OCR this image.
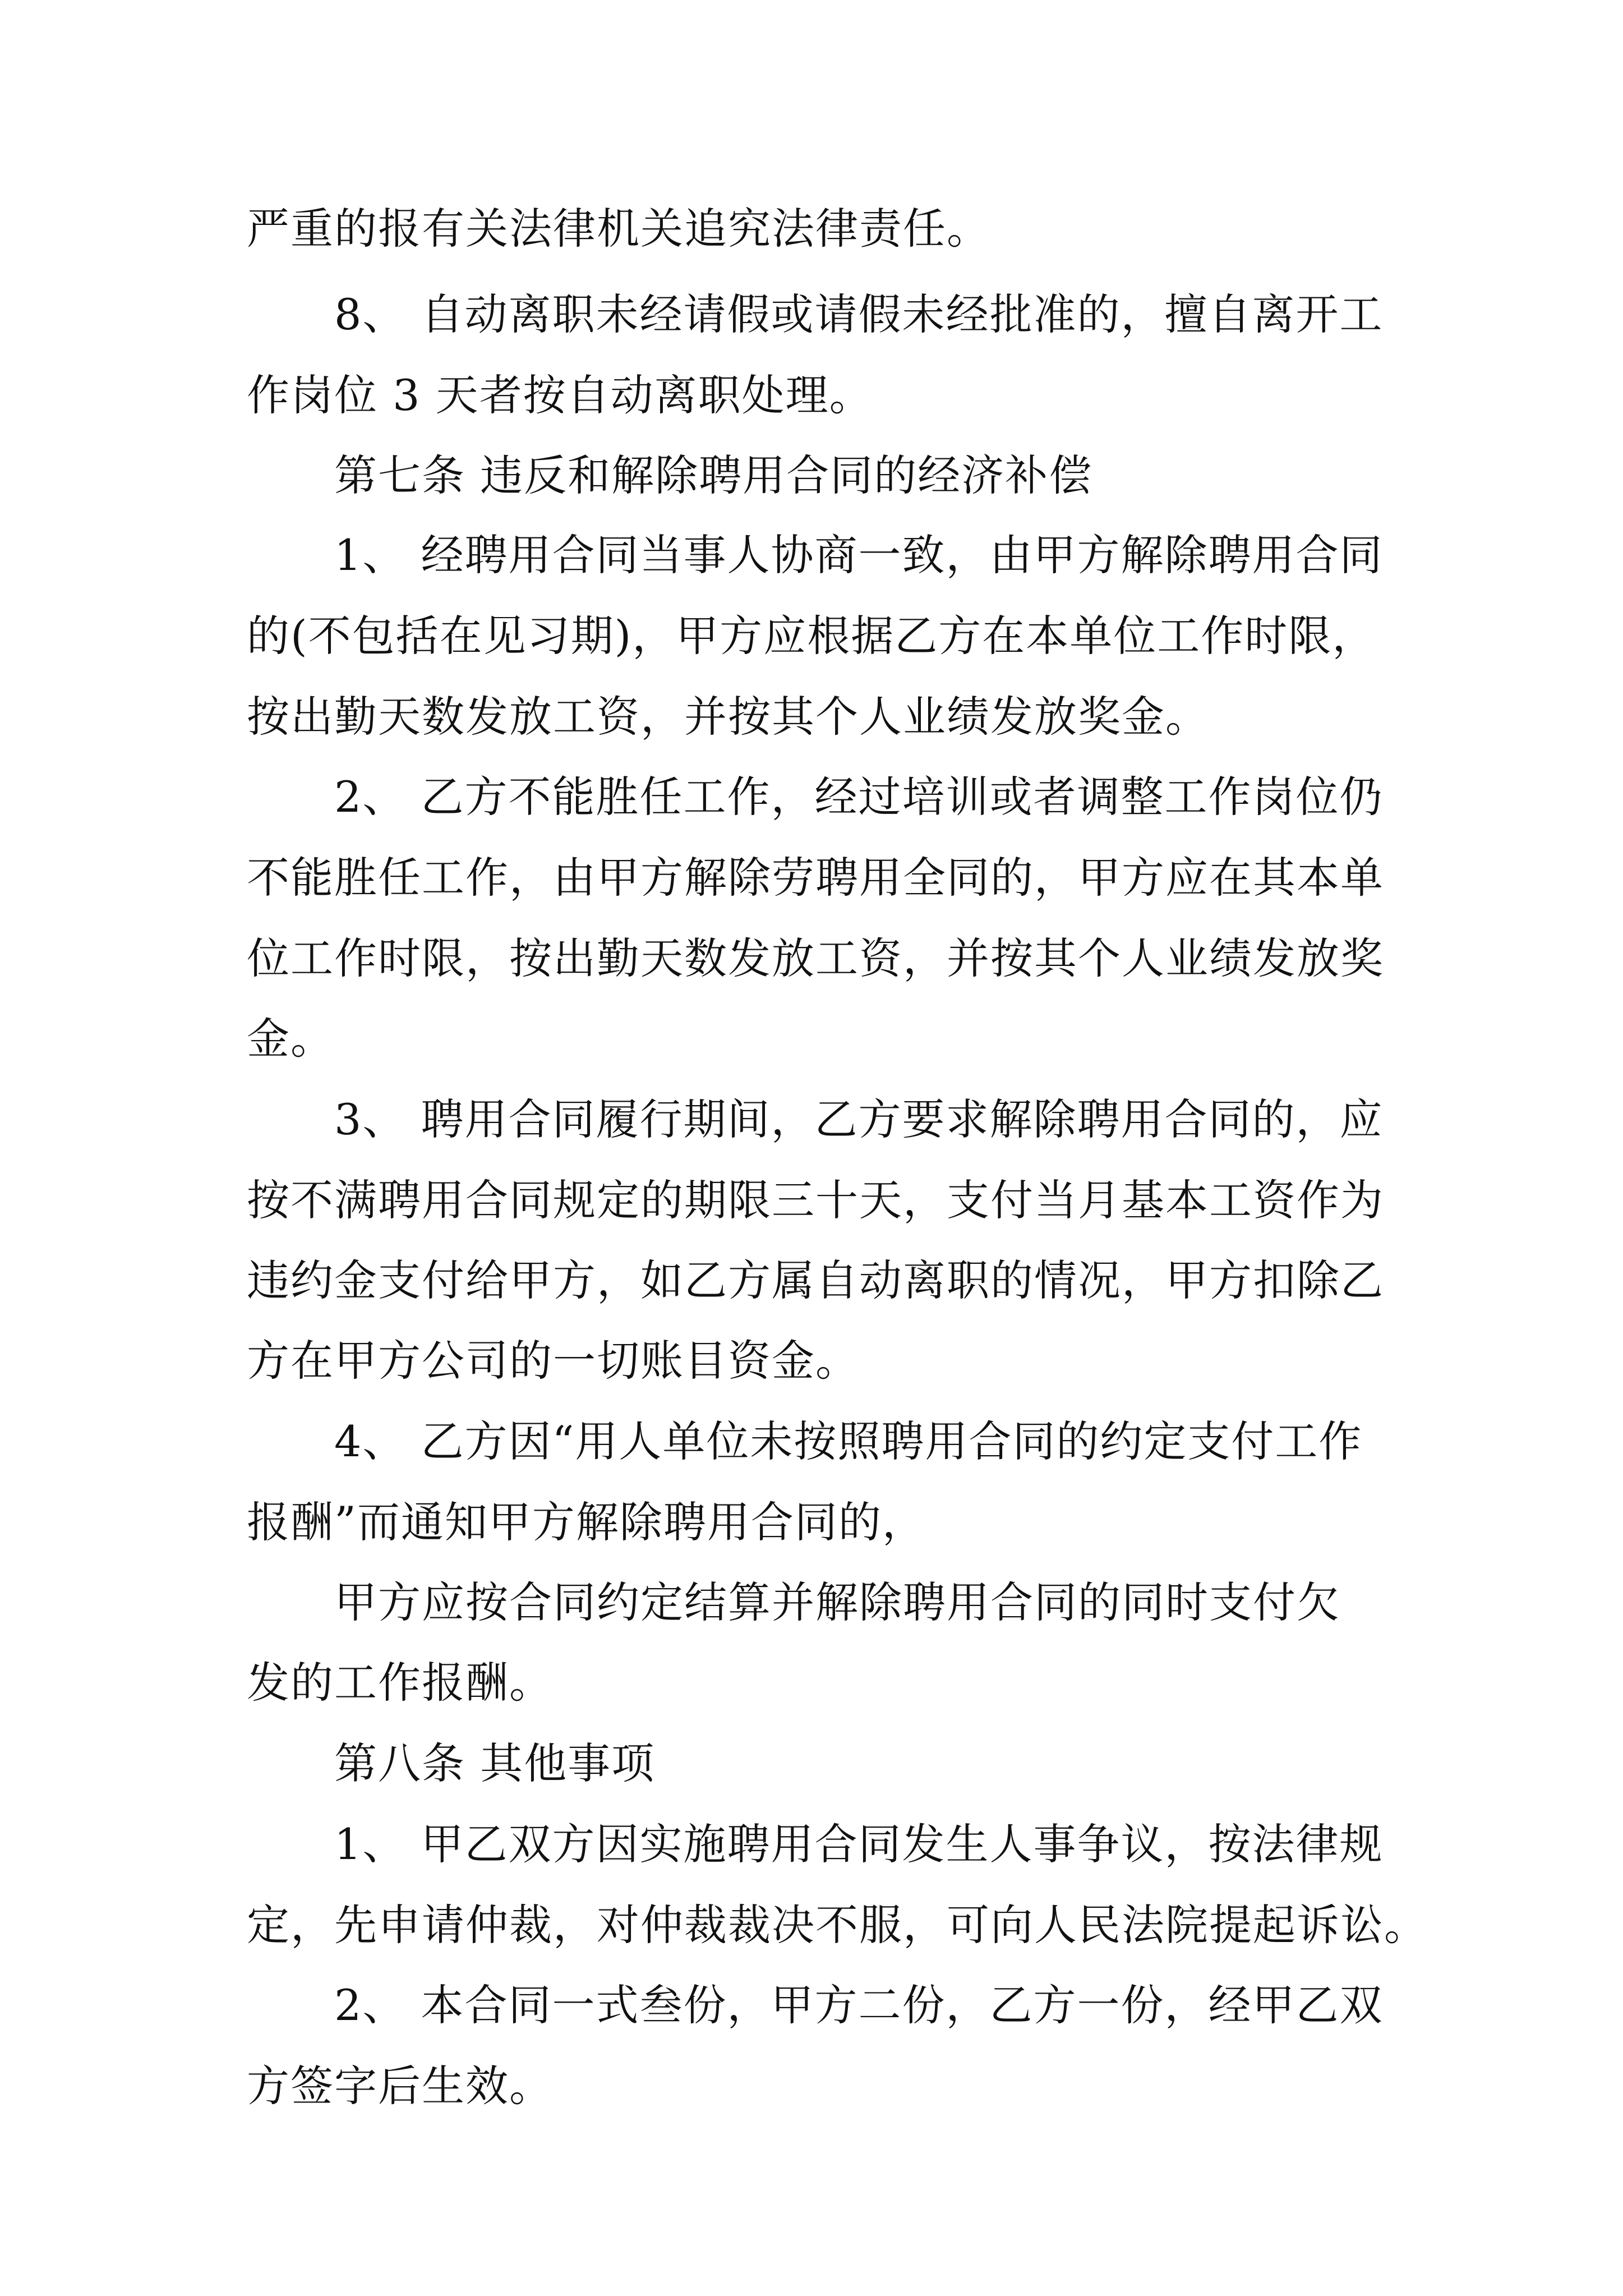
严重的报有关法律机关追究法律责任。
8、 自动离职未经请假或请假未经批准的，擅自离开工
作岗位 3 天者按自动离职处理。
第七条 违反和解除聘用合同的经济补偿
1、 经聘用合同当事人协商一致，由甲方解除聘用合同
的(不包括在见习期)，甲方应根据乙方在本单位工作时限，
按出勤天数发放工资，并按其个人业绩发放奖金。
2、 乙方不能胜任工作，经过培训或者调整工作岗位仍
不能胜任工作，由甲方解除劳聘用全同的，甲方应在其本单
位工作时限，按出勤天数发放工资，并按其个人业绩发放奖
金。
3、 聘用合同履行期间，乙方要求解除聘用合同的，应
按不满聘用合同规定的期限三十天，支付当月基本工资作为
违约金支付给甲方，如乙方属自动离职的情况，甲方扣除乙
方在甲方公司的一切账目资金。
4、 乙方因“用人单位未按照聘用合同的约定支付工作
报酬”而通知甲方解除聘用合同的，
甲方应按合同约定结算并解除聘用合同的同时支付欠
发的工作报酬。
第八条 其他事项
1、 甲乙双方因实施聘用合同发生人事争议，按法律规
定，先申请仲裁，对仲裁裁决不服，可向人民法院提起诉讼。
2、 本合同一式叁份，甲方二份，乙方一份，经甲乙双
方签字后生效。
